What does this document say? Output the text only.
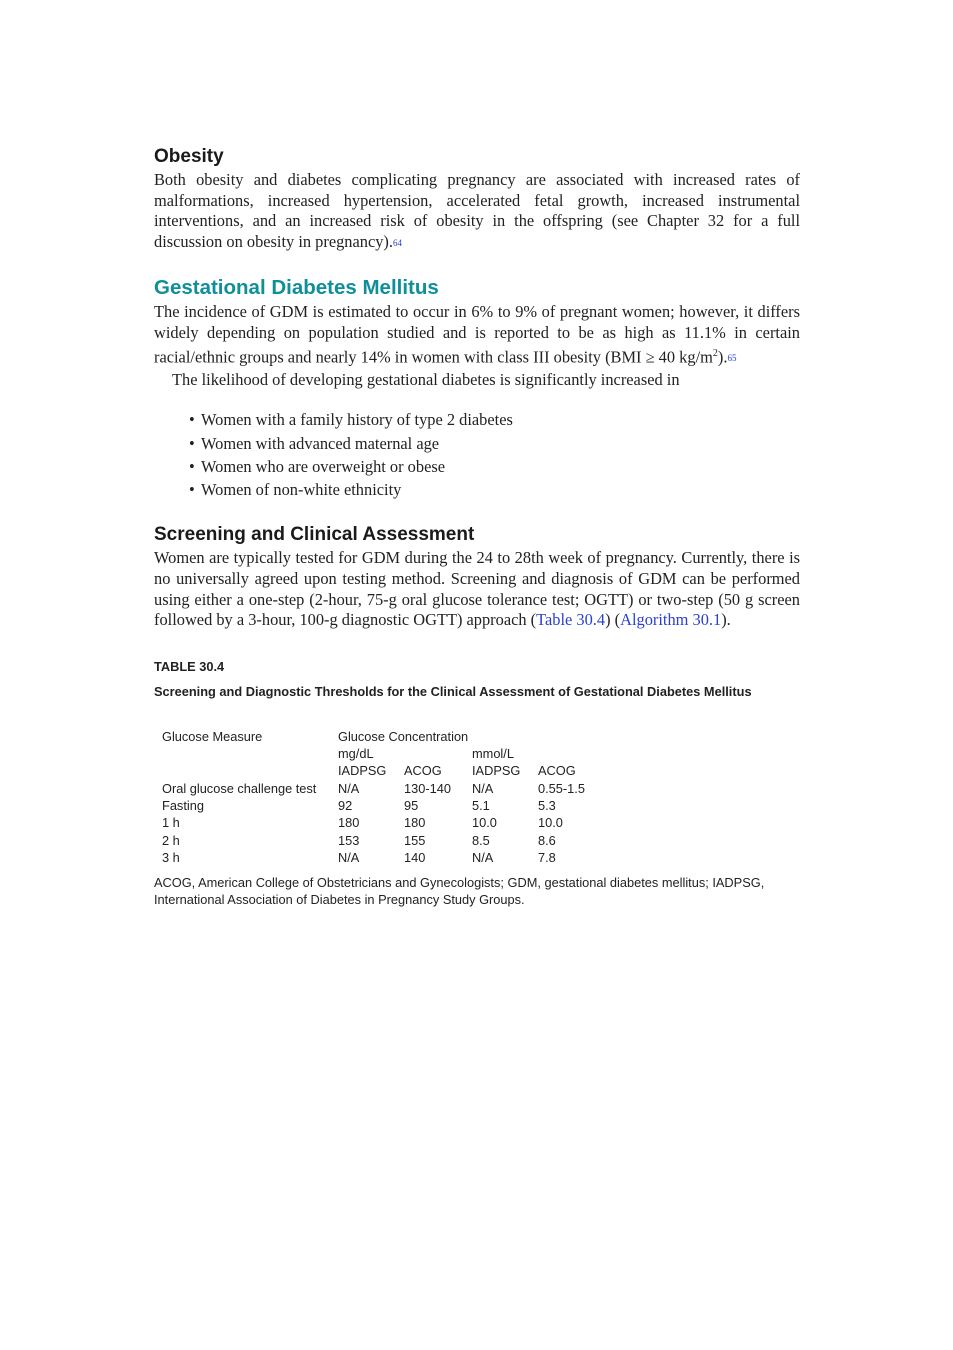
Obesity

Both obesity and diabetes complicating pregnancy are associated with increased rates of malformations, increased hypertension, accelerated fetal growth, increased instrumental interventions, and an increased risk of obesity in the offspring (see Chapter 32 for a full discussion on obesity in pregnancy).$^{64}$

Gestational Diabetes Mellitus

The incidence of GDM is estimated to occur in 6% to 9% of pregnant women; however, it differs widely depending on population studied and is reported to be as high as 11.1% in certain racial/ethnic groups and nearly 14% in women with class III obesity (BMI ≥ 40 $kg/m^2).^{65}$

The likelihood of developing gestational diabetes is significantly increased in

• Women with a family history of type 2 diabetes
• Women with advanced maternal age
• Women who are overweight or obese
• Women of non-white ethnicity
Screening and Clinical Assessment

Women are typically tested for GDM during the 24 to 28th week of pregnancy. Currently, there is no universally agreed upon testing method. Screening and diagnosis of GDM can be performed using either a one-step (2-hour, 75-g oral glucose tolerance test; OGTT) or two-step (50 g screen followed by a 3-hour, 100-g diagnostic OGTT) approach (Table 30.4) (Algorithm 30.1).

TABLE 30.4

Screening and Diagnostic Thresholds for the Clinical Assessment of Gestational Diabetes Mellitus

Glucose Measure	Glucose Concentration			
	mg/dL		mmol/L	
	IADPSG	ACOG	IADPSG	ACOG
Oral glucose challenge test	N/A	130-140	N/A	0.55-1.5
Fasting	92	95	5.1	5.3
1 h	180	180	10.0	10.0
2 h	153	155	8.5	8.6
3 h	N/A	140	N/A	7.8

ACOG, American College of Obstetricians and Gynecologists; GDM, gestational diabetes mellitus; IADPSG, International Association of Diabetes in Pregnancy Study Groups.
